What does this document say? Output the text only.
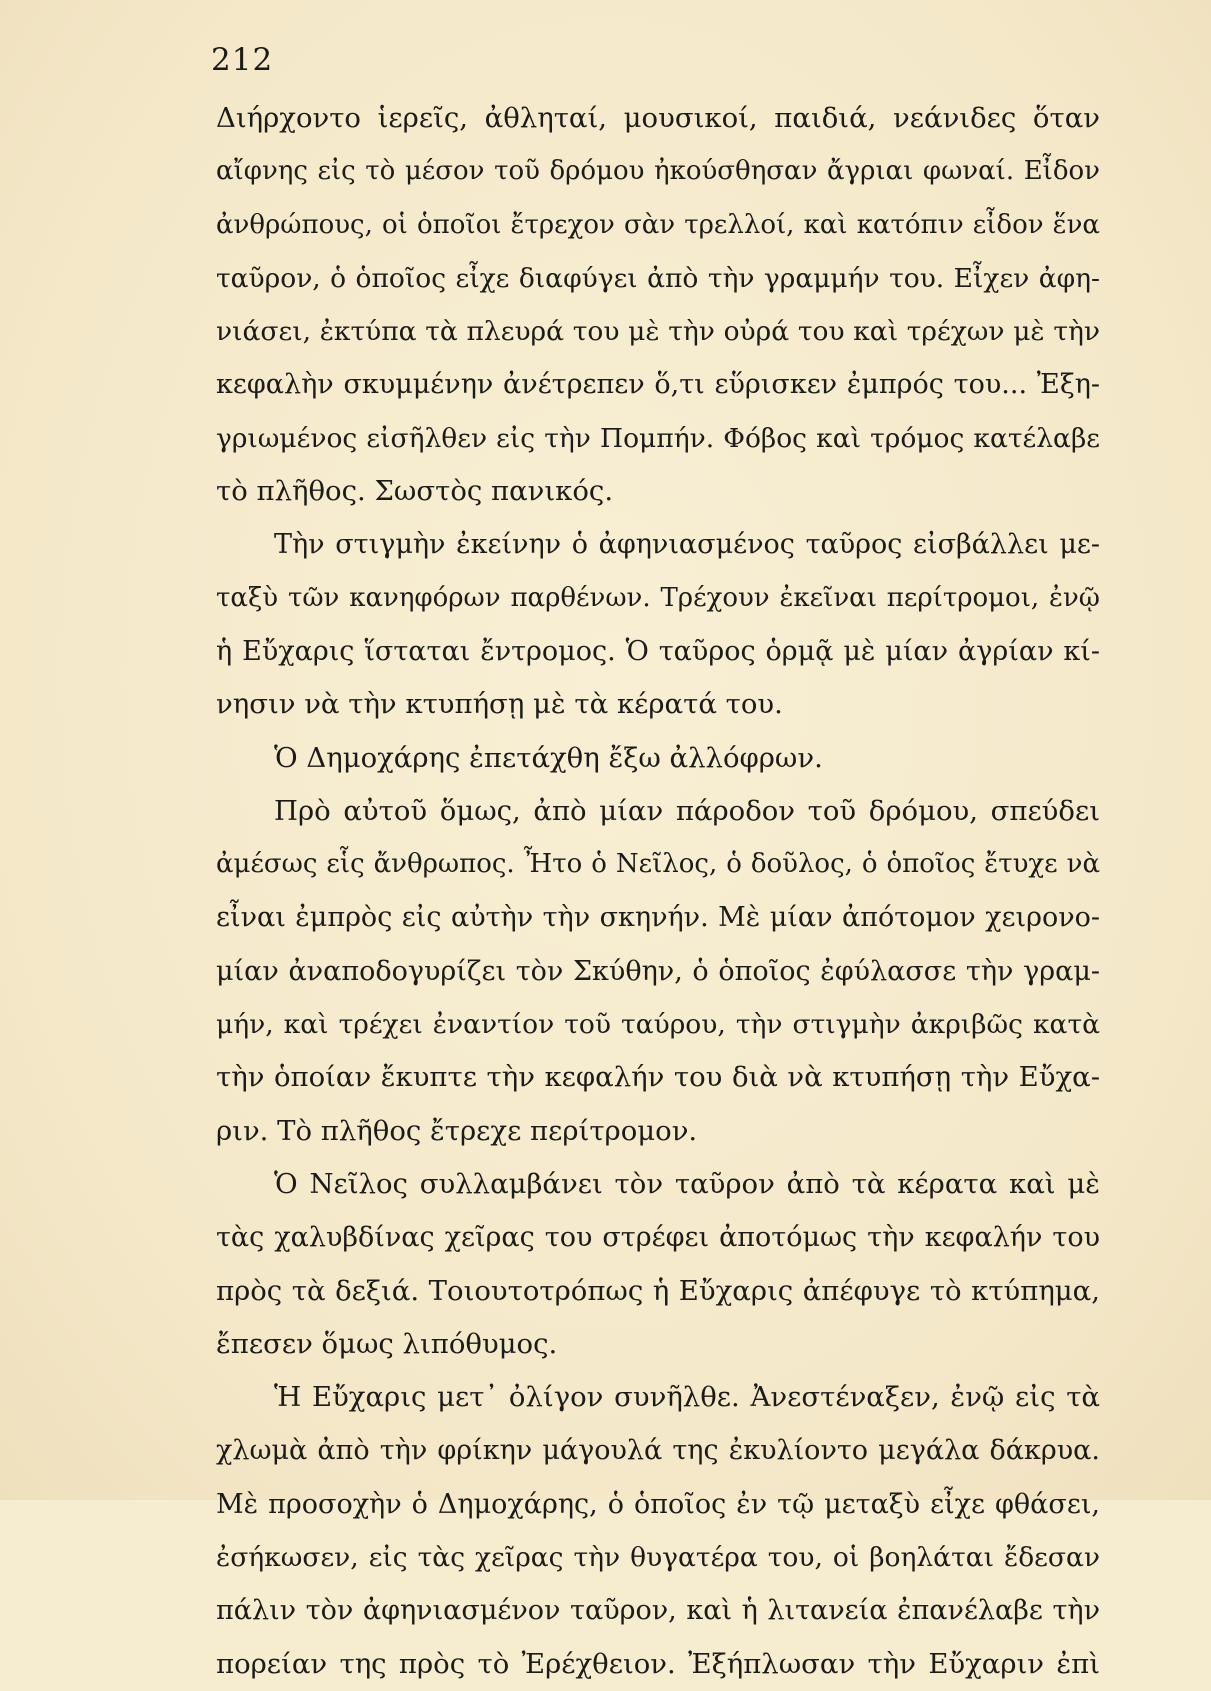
212
Διήρχοντο ἱερεῖς, ἀθληταί, μουσικοί, παιδιά, νεάνιδες ὅταν
αἴφνης εἰς τὸ μέσον τοῦ δρόμου ἠκούσθησαν ἄγριαι φωναί. Εἶδον
ἀνθρώπους, οἱ ὁποῖοι ἔτρεχον σὰν τρελλοί, καὶ κατόπιν εἶδον ἕνα
ταῦρον, ὁ ὁποῖος εἶχε διαφύγει ἀπὸ τὴν γραμμήν του. Εἶχεν ἀφη-
νιάσει, ἐκτύπα τὰ πλευρά του μὲ τὴν οὐρά του καὶ τρέχων μὲ τὴν
κεφαλὴν σκυμμένην ἀνέτρεπεν ὅ,τι εὕρισκεν ἐμπρός του... Ἐξη-
γριωμένος εἰσῆλθεν εἰς τὴν Πομπήν. Φόβος καὶ τρόμος κατέλαβε
τὸ πλῆθος. Σωστὸς πανικός.
Τὴν στιγμὴν ἐκείνην ὁ ἀφηνιασμένος ταῦρος εἰσβάλλει με-
ταξὺ τῶν κανηφόρων παρθένων. Τρέχουν ἐκεῖναι περίτρομοι, ἐνῷ
ἡ Εὔχαρις ἵσταται ἔντρομος. Ὁ ταῦρος ὁρμᾷ μὲ μίαν ἀγρίαν κί-
νησιν νὰ τὴν κτυπήσῃ μὲ τὰ κέρατά του.
Ὁ Δημοχάρης ἐπετάχθη ἔξω ἀλλόφρων.
Πρὸ αὐτοῦ ὅμως, ἀπὸ μίαν πάροδον τοῦ δρόμου, σπεύδει
ἀμέσως εἷς ἄνθρωπος. Ἦτο ὁ Νεῖλος, ὁ δοῦλος, ὁ ὁποῖος ἔτυχε νὰ
εἶναι ἐμπρὸς εἰς αὐτὴν τὴν σκηνήν. Μὲ μίαν ἀπότομον χειρονο-
μίαν ἀναποδογυρίζει τὸν Σκύθην, ὁ ὁποῖος ἐφύλασσε τὴν γραμ-
μήν, καὶ τρέχει ἐναντίον τοῦ ταύρου, τὴν στιγμὴν ἀκριβῶς κατὰ
τὴν ὁποίαν ἔκυπτε τὴν κεφαλήν του διὰ νὰ κτυπήσῃ τὴν Εὔχα-
ριν. Τὸ πλῆθος ἔτρεχε περίτρομον.
Ὁ Νεῖλος συλλαμβάνει τὸν ταῦρον ἀπὸ τὰ κέρατα καὶ μὲ
τὰς χαλυβδίνας χεῖρας του στρέφει ἀποτόμως τὴν κεφαλήν του
πρὸς τὰ δεξιά. Τοιουτοτρόπως ἡ Εὔχαρις ἀπέφυγε τὸ κτύπημα,
ἔπεσεν ὅμως λιπόθυμος.
Ἡ Εὔχαρις μετ᾽ ὀλίγον συνῆλθε. Ἀνεστέναξεν, ἐνῷ εἰς τὰ
χλωμὰ ἀπὸ τὴν φρίκην μάγουλά της ἐκυλίοντο μεγάλα δάκρυα.
Μὲ προσοχὴν ὁ Δημοχάρης, ὁ ὁποῖος ἐν τῷ μεταξὺ εἶχε φθάσει,
ἐσήκωσεν, εἰς τὰς χεῖρας τὴν θυγατέρα του, οἱ βοηλάται ἔδεσαν
πάλιν τὸν ἀφηνιασμένον ταῦρον, καὶ ἡ λιτανεία ἐπανέλαβε τὴν
πορείαν της πρὸς τὸ Ἐρέχθειον. Ἐξήπλωσαν τὴν Εὔχαριν ἐπὶ
